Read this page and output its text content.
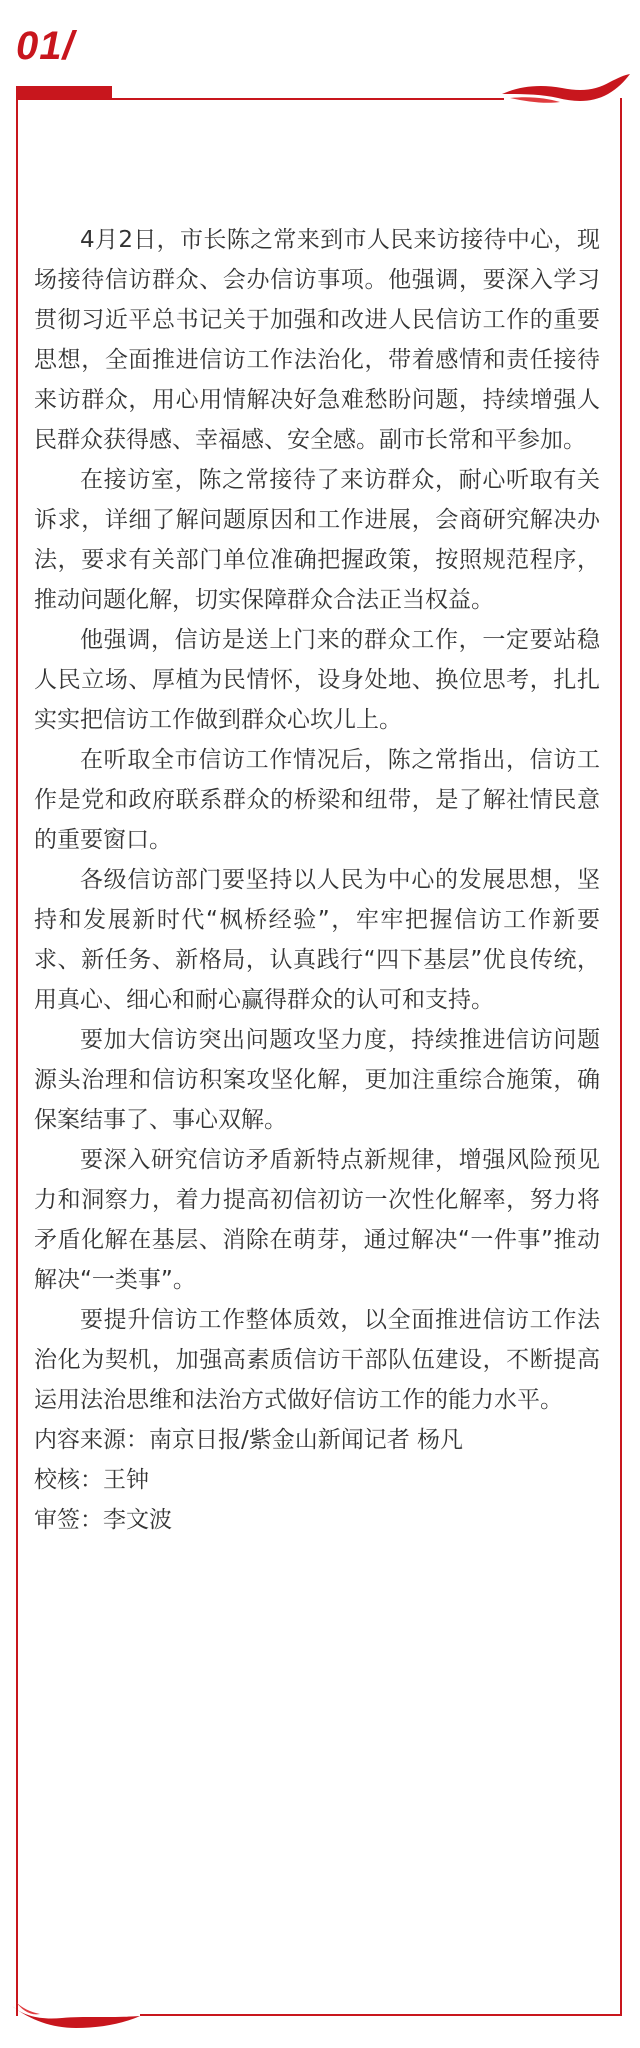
01/

4月2日，市长陈之常来到市人民来访接待中心，现场接待信访群众、会办信访事项。他强调，要深入学习贯彻习近平总书记关于加强和改进人民信访工作的重要思想，全面推进信访工作法治化，带着感情和责任接待来访群众，用心用情解决好急难愁盼问题，持续增强人民群众获得感、幸福感、安全感。副市长常和平参加。

在接访室，陈之常接待了来访群众，耐心听取有关诉求，详细了解问题原因和工作进展，会商研究解决办法，要求有关部门单位准确把握政策，按照规范程序，推动问题化解，切实保障群众合法正当权益。

他强调，信访是送上门来的群众工作，一定要站稳人民立场、厚植为民情怀，设身处地、换位思考，扎扎实实把信访工作做到群众心坎儿上。

在听取全市信访工作情况后，陈之常指出，信访工作是党和政府联系群众的桥梁和纽带，是了解社情民意的重要窗口。

各级信访部门要坚持以人民为中心的发展思想，坚持和发展新时代“枫桥经验”，牢牢把握信访工作新要求、新任务、新格局，认真践行“四下基层”优良传统，用真心、细心和耐心赢得群众的认可和支持。

要加大信访突出问题攻坚力度，持续推进信访问题源头治理和信访积案攻坚化解，更加注重综合施策，确保案结事了、事心双解。

要深入研究信访矛盾新特点新规律，增强风险预见力和洞察力，着力提高初信初访一次性化解率，努力将矛盾化解在基层、消除在萌芽，通过解决“一件事”推动解决“一类事”。

要提升信访工作整体质效，以全面推进信访工作法治化为契机，加强高素质信访干部队伍建设，不断提高运用法治思维和法治方式做好信访工作的能力水平。

内容来源：南京日报/紫金山新闻记者 杨凡

校核：王钟

审签：李文波
